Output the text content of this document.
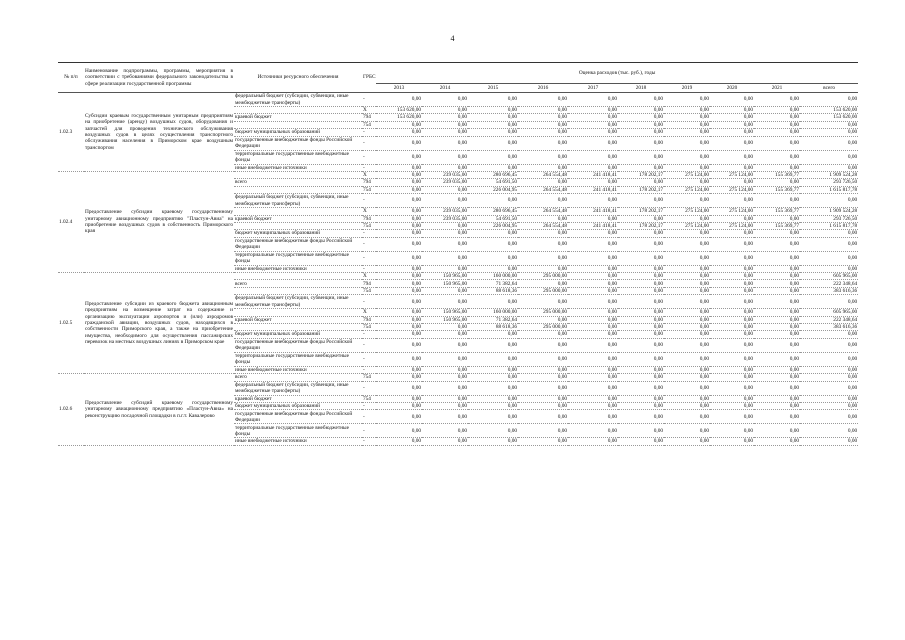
4
№ п/п	Наименование подпрограммы, программы, мероприятия в соответствии с требованиями федерального законодательства в сфере реализации государственной программы	Источники ресурсного обеспечения	ГРБС	Оценка расходов (тыс. руб.), годы									
				2013	2014	2015	2016	2017	2018	2019	2020	2021	всего
1.02.3	Субсидии краевым государственным унитарным предприятиям на приобретение (аренду) воздушных судов, оборудования и запчастей для проведения технического обслуживания воздушных судов в целях осуществления транспортного обслуживания населения в Приморском крае воздушным транспортом	федеральный бюджет (субсидии, субвенции, иные межбюджетные трансферты)	-	0,00	0,00	0,00	0,00	0,00	0,00	0,00	0,00	0,00	0,00
			X	153 620,00	0,00	0,00	0,00	0,00	0,00	0,00	0,00	0,00	153 620,00
		краевой бюджет	794	153 620,00	0,00	0,00	0,00	0,00	0,00	0,00	0,00	0,00	153 620,00
			754	0,00	0,00	0,00	0,00	0,00	0,00	0,00	0,00	0,00	0,00
		бюджет муниципальных образований	-	0,00	0,00	0,00	0,00	0,00	0,00	0,00	0,00	0,00	0,00
		государственные внебюджетные фонды Российской Федерации	-	0,00	0,00	0,00	0,00	0,00	0,00	0,00	0,00	0,00	0,00
		территориальные государственные внебюджетные фонды	-	0,00	0,00	0,00	0,00	0,00	0,00	0,00	0,00	0,00	0,00
		иные внебюджетные источники	-	0,00	0,00	0,00	0,00	0,00	0,00	0,00	0,00	0,00	0,00
1.02.4	Предоставление субсидии краевому государственному унитарному авиационному предприятию "Пластун-Авиа" на приобретение воздушных судов в собственность Приморского края		X	0,00	239 035,00	280 696,45	264 554,48	241 418,41	178 202,17	275 124,00	275 124,00	155 369,77	1 909 524,28
		всего	794	0,00	239 035,00	54 691,50	0,00	0,00	0,00	0,00	0,00	0,00	293 726,50
			754	0,00	0,00	226 004,95	264 554,48	241 418,41	178 202,17	275 124,00	275 124,00	155 369,77	1 615 817,78
		федеральный бюджет (субсидии, субвенции, иные межбюджетные трансферты)	-	0,00	0,00	0,00	0,00	0,00	0,00	0,00	0,00	0,00	0,00
			X	0,00	239 035,00	280 696,45	264 554,48	241 418,41	178 202,17	275 124,00	275 124,00	155 369,77	1 909 524,28
		краевой бюджет	794	0,00	239 035,00	54 691,50	0,00	0,00	0,00	0,00	0,00	0,00	293 726,50
			754	0,00	0,00	226 004,95	264 554,48	241 418,41	178 202,17	275 124,00	275 124,00	155 369,77	1 615 817,78
		бюджет муниципальных образований	-	0,00	0,00	0,00	0,00	0,00	0,00	0,00	0,00	0,00	0,00
		государственные внебюджетные фонды Российской Федерации	-	0,00	0,00	0,00	0,00	0,00	0,00	0,00	0,00	0,00	0,00
		территориальные государственные внебюджетные фонды	-	0,00	0,00	0,00	0,00	0,00	0,00	0,00	0,00	0,00	0,00
		иные внебюджетные источники	-	0,00	0,00	0,00	0,00	0,00	0,00	0,00	0,00	0,00	0,00
1.02.5	Предоставление субсидии из краевого бюджета авиационным предприятиям на возмещение затрат на содержание и организацию эксплуатации аэропортов и (или) аэродромов гражданской авиации, воздушных судов, находящихся в собственности Приморского края, а также на приобретение имущества, необходимого для осуществления пассажирских перевозок на местных воздушных линиях в Приморском крае		X	0,00	150 965,00	160 000,00	295 000,00	0,00	0,00	0,00	0,00	0,00	605 965,00
		всего	794	0,00	150 965,00	71 382,64	0,00	0,00	0,00	0,00	0,00	0,00	222 348,64
			754	0,00	0,00	88 618,36	295 000,00	0,00	0,00	0,00	0,00	0,00	383 616,36
		федеральный бюджет (субсидии, субвенции, иные межбюджетные трансферты)	-	0,00	0,00	0,00	0,00	0,00	0,00	0,00	0,00	0,00	0,00
			X	0,00	150 965,00	160 000,00	295 000,00	0,00	0,00	0,00	0,00	0,00	605 965,00
		краевой бюджет	794	0,00	150 965,00	71 382,64	0,00	0,00	0,00	0,00	0,00	0,00	222 348,64
			754	0,00	0,00	88 618,36	295 000,00	0,00	0,00	0,00	0,00	0,00	383 616,36
		бюджет муниципальных образований	-	0,00	0,00	0,00	0,00	0,00	0,00	0,00	0,00	0,00	0,00
		государственные внебюджетные фонды Российской Федерации	-	0,00	0,00	0,00	0,00	0,00	0,00	0,00	0,00	0,00	0,00
		территориальные государственные внебюджетные фонды	-	0,00	0,00	0,00	0,00	0,00	0,00	0,00	0,00	0,00	0,00
		иные внебюджетные источники	-	0,00	0,00	0,00	0,00	0,00	0,00	0,00	0,00	0,00	0,00
1.02.6	Предоставление субсидий краевому государственному унитарному авиационному предприятию «Пластун-Авиа» на реконструкцию посадочной площадки в п.г.т. Кавалерово	всего	754	0,00	0,00	0,00	0,00	0,00	0,00	0,00	0,00	0,00	0,00
		федеральный бюджет (субсидии, субвенции, иные межбюджетные трансферты)	-	0,00	0,00	0,00	0,00	0,00	0,00	0,00	0,00	0,00	0,00
		краевой бюджет	754	0,00	0,00	0,00	0,00	0,00	0,00	0,00	0,00	0,00	0,00
		бюджет муниципальных образований	-	0,00	0,00	0,00	0,00	0,00	0,00	0,00	0,00	0,00	0,00
		государственные внебюджетные фонды Российской Федерации	-	0,00	0,00	0,00	0,00	0,00	0,00	0,00	0,00	0,00	0,00
		территориальные государственные внебюджетные фонды	-	0,00	0,00	0,00	0,00	0,00	0,00	0,00	0,00	0,00	0,00
		иные внебюджетные источники	-	0,00	0,00	0,00	0,00	0,00	0,00	0,00	0,00	0,00	0,00
